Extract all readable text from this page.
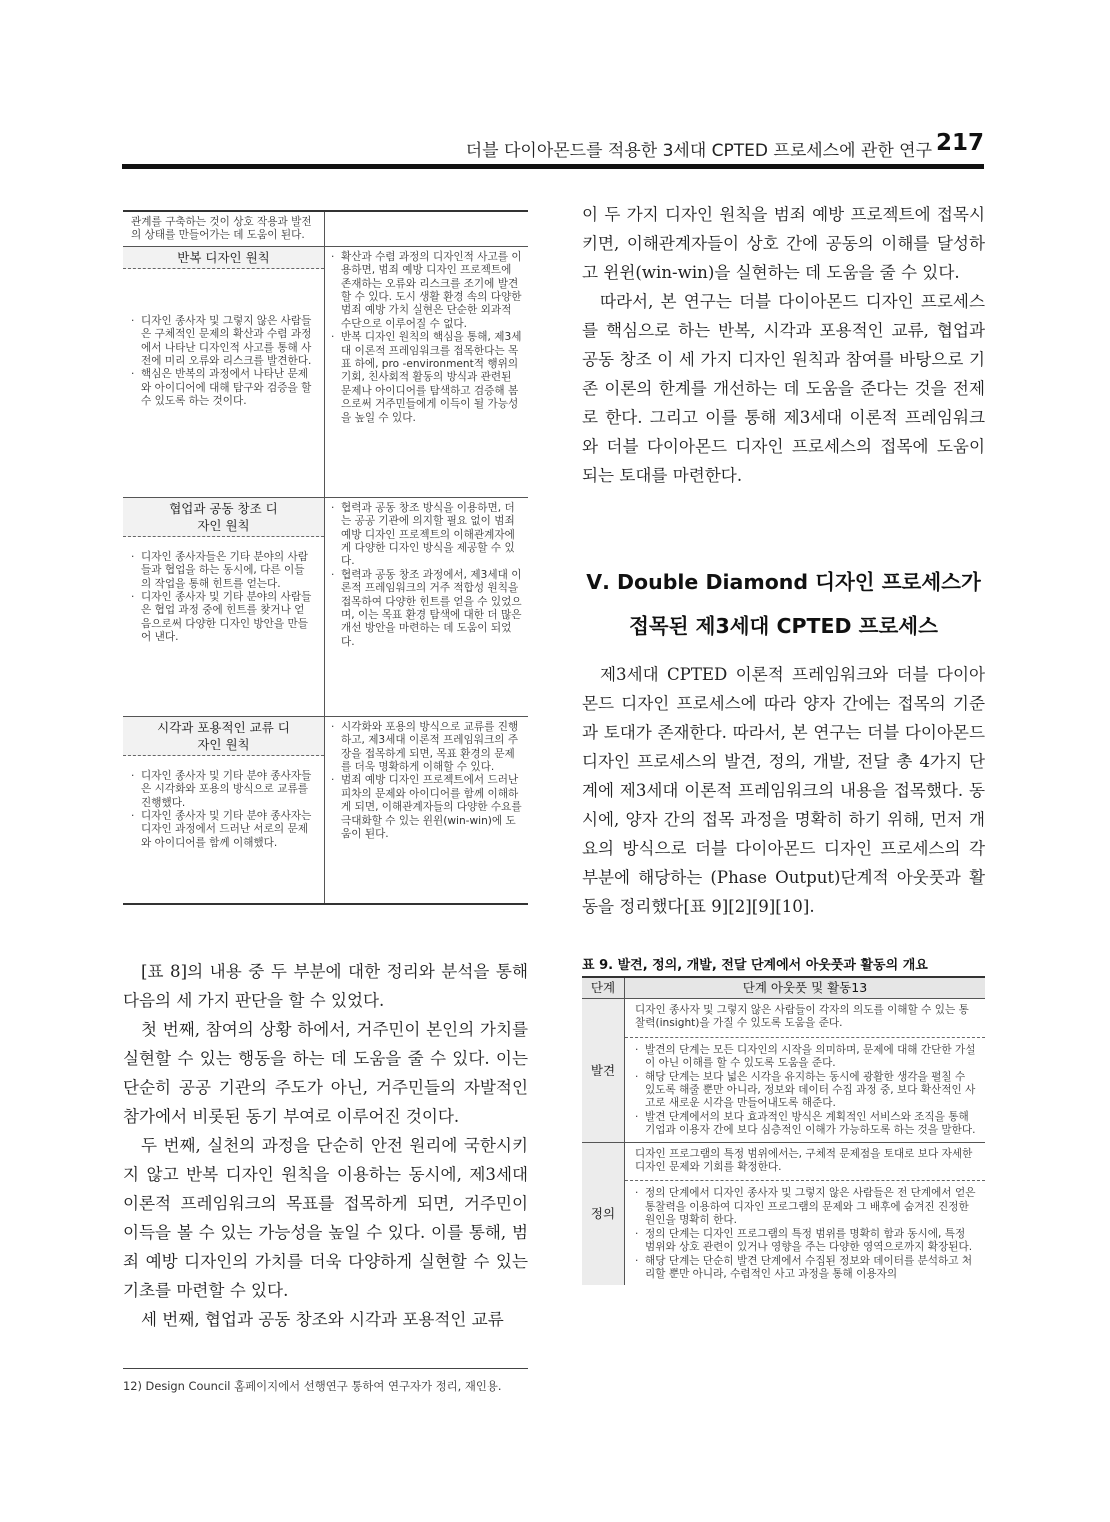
더블 다이아몬드를 적용한 3세대 CPTED 프로세스에 관한 연구 217
관계를 구축하는 것이 상호 작용과 발전의 상태를 만들어가는 데 도움이 된다.
반복 디자인 원칙
· 디자인 종사자 및 그렇지 않은 사람들은 구체적인 문제의 확산과 수렴 과정에서 나타난 디자인적 사고를 통해 사전에 미리 오류와 리스크를 발견한다.
· 핵심은 반복의 과정에서 나타난 문제와 아이디어에 대해 탐구와 검증을 할 수 있도록 하는 것이다.
· 확산과 수렴 과정의 디자인적 사고를 이용하면, 범죄 예방 디자인 프로젝트에 존재하는 오류와 리스크를 조기에 발견할 수 있다. 도시 생활 환경 속의 다양한 범죄 예방 가치 실현은 단순한 외과적 수단으로 이루어질 수 없다.
· 반복 디자인 원칙의 핵심을 통해, 제3세대 이론적 프레임워크를 접목한다는 목표 하에, pro -environment적 행위의 기회, 친사회적 활동의 방식과 관련된 문제나 아이디어를 탐색하고 검증해 봄으로써 거주민들에게 이득이 될 가능성을 높일 수 있다.
협업과 공동 창조 디자인 원칙
· 디자인 종사자들은 기타 분야의 사람들과 협업을 하는 동시에, 다른 이들의 작업을 통해 힌트를 얻는다.
· 디자인 종사자 및 기타 분야의 사람들은 협업 과정 중에 힌트를 찾거나 얻음으로써 다양한 디자인 방안을 만들어 낸다.
· 협력과 공동 창조 방식을 이용하면, 더는 공공 기관에 의지할 필요 없이 범죄 예방 디자인 프로젝트의 이해관계자에게 다양한 디자인 방식을 제공할 수 있다.
· 협력과 공동 창조 과정에서, 제3세대 이론적 프레임워크의 거주 적합성 원칙을 접목하여 다양한 힌트를 얻을 수 있었으며, 이는 목표 환경 탐색에 대한 더 많은 개선 방안을 마련하는 데 도움이 되었다.
시각과 포용적인 교류 디자인 원칙
· 디자인 종사자 및 기타 분야 종사자들은 시각화와 포용의 방식으로 교류를 진행했다.
· 디자인 종사자 및 기타 분야 종사자는 디자인 과정에서 드러난 서로의 문제와 아이디어를 함께 이해했다.
· 시각화와 포용의 방식으로 교류를 진행하고, 제3세대 이론적 프레임워크의 주장을 접목하게 되면, 목표 환경의 문제를 더욱 명확하게 이해할 수 있다.
· 범죄 예방 디자인 프로젝트에서 드러난 피차의 문제와 아이디어를 함께 이해하게 되면, 이해관계자들의 다양한 수요를 극대화할 수 있는 윈윈(win-win)에 도움이 된다.

[표 8]의 내용 중 두 부분에 대한 정리와 분석을 통해 다음의 세 가지 판단을 할 수 있었다.

첫 번째, 참여의 상황 하에서, 거주민이 본인의 가치를 실현할 수 있는 행동을 하는 데 도움을 줄 수 있다. 이는 단순히 공공 기관의 주도가 아닌, 거주민들의 자발적인 참가에서 비롯된 동기 부여로 이루어진 것이다.

두 번째, 실천의 과정을 단순히 안전 원리에 국한시키지 않고 반복 디자인 원칙을 이용하는 동시에, 제3세대 이론적 프레임워크의 목표를 접목하게 되면, 거주민이 이득을 볼 수 있는 가능성을 높일 수 있다. 이를 통해, 범죄 예방 디자인의 가치를 더욱 다양하게 실현할 수 있는 기초를 마련할 수 있다.

세 번째, 협업과 공동 창조와 시각과 포용적인 교류

12) Design Council 홈페이지에서 선행연구 통하여 연구자가 정리, 재인용.

이 두 가지 디자인 원칙을 범죄 예방 프로젝트에 접목시키면, 이해관계자들이 상호 간에 공동의 이해를 달성하고 윈윈(win-win)을 실현하는 데 도움을 줄 수 있다.

따라서, 본 연구는 더블 다이아몬드 디자인 프로세스를 핵심으로 하는 반복, 시각과 포용적인 교류, 협업과 공동 창조 이 세 가지 디자인 원칙과 참여를 바탕으로 기존 이론의 한계를 개선하는 데 도움을 준다는 것을 전제로 한다. 그리고 이를 통해 제3세대 이론적 프레임워크와 더블 다이아몬드 디자인 프로세스의 접목에 도움이 되는 토대를 마련한다.

Ⅴ. Double Diamond 디자인 프로세스가
접목된 제3세대 CPTED 프로세스

제3세대 CPTED 이론적 프레임워크와 더블 다이아몬드 디자인 프로세스에 따라 양자 간에는 접목의 기준과 토대가 존재한다. 따라서, 본 연구는 더블 다이아몬드 디자인 프로세스의 발견, 정의, 개발, 전달 총 4가지 단계에 제3세대 이론적 프레임워크의 내용을 접목했다. 동시에, 양자 간의 접목 과정을 명확히 하기 위해, 먼저 개요의 방식으로 더블 다이아몬드 디자인 프로세스의 각 부분에 해당하는 (Phase Output)단계적 아웃풋과 활동을 정리했다[표 9][2][9][10].

표 9. 발견, 정의, 개발, 전달 단계에서 아웃풋과 활동의 개요
단계	단계 아웃풋 및 활동13
발견
디자인 종사자 및 그렇지 않은 사람들이 각자의 의도를 이해할 수 있는 통찰력(insight)을 가질 수 있도록 도움을 준다.
· 발견의 단계는 모든 디자인의 시작을 의미하며, 문제에 대해 간단한 가설이 아닌 이해를 할 수 있도록 도움을 준다.
· 해당 단계는 보다 넓은 시각을 유지하는 동시에 광활한 생각을 펼칠 수 있도록 해줄 뿐만 아니라, 정보와 데이터 수집 과정 중, 보다 확산적인 사고로 새로운 시각을 만들어내도록 해준다.
· 발견 단계에서의 보다 효과적인 방식은 계획적인 서비스와 조직을 통해 기업과 이용자 간에 보다 심층적인 이해가 가능하도록 하는 것을 말한다.
정의
디자인 프로그램의 특정 범위에서는, 구체적 문제점을 토대로 보다 자세한 디자인 문제와 기회를 확정한다.
· 정의 단계에서 디자인 종사자 및 그렇지 않은 사람들은 전 단계에서 얻은 통찰력을 이용하여 디자인 프로그램의 문제와 그 배후에 숨겨진 진정한 원인을 명확히 한다.
· 정의 단계는 디자인 프로그램의 특정 범위를 명확히 함과 동시에, 특정 범위와 상호 관련이 있거나 영향을 주는 다양한 영역으로까지 확장된다.
· 해당 단계는 단순히 발견 단계에서 수집된 정보와 데이터를 분석하고 처리할 뿐만 아니라, 수렴적인 사고 과정을 통해 이용자의
